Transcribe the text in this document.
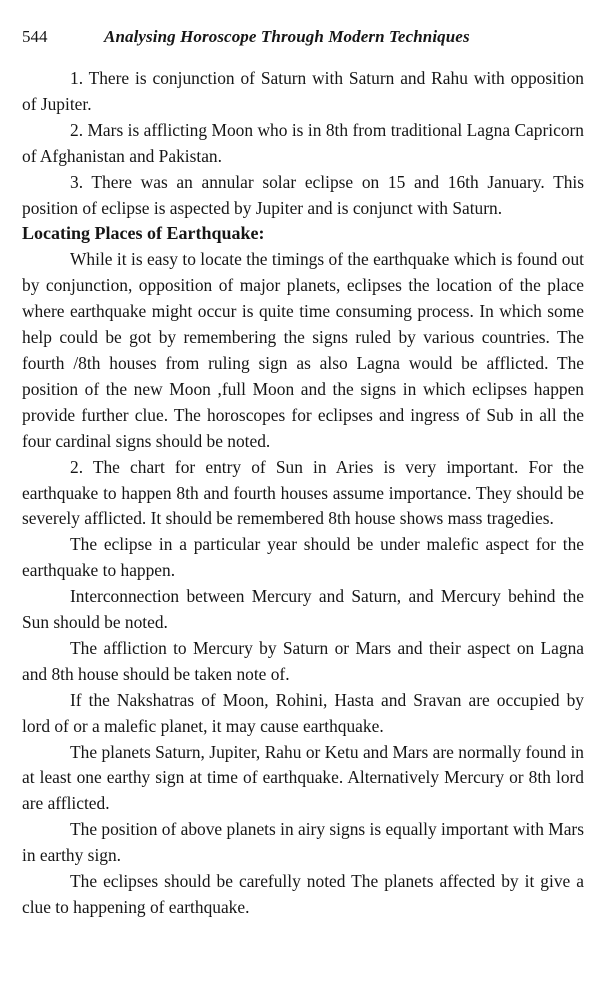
544	Analysing Horoscope Through Modern Techniques

1. There is conjunction of Saturn with Saturn and Rahu with opposition of Jupiter.

2. Mars is afflicting Moon who is in 8th from traditional Lagna Capricorn of Afghanistan and Pakistan.

3. There was an annular solar eclipse on 15 and 16th January. This position of eclipse is aspected by Jupiter and is conjunct with Saturn.

Locating Places of Earthquake:

While it is easy to locate the timings of the earthquake which is found out by conjunction, opposition of major planets, eclipses the location of the place where earthquake might occur is quite time consuming process. In which some help could be got by remembering the signs ruled by various countries. The fourth /8th houses from ruling sign as also Lagna would be afflicted. The position of the new Moon ,full Moon and the signs in which eclipses happen provide further clue. The horoscopes for eclipses and ingress of Sub in all the four cardinal signs should be noted.

2. The chart for entry of Sun in Aries is very important. For the earthquake to happen 8th and fourth houses assume importance. They should be severely afflicted. It should be remembered 8th house shows mass tragedies.

The eclipse in a particular year should be under malefic aspect for the earthquake to happen.

Interconnection between Mercury and Saturn, and Mercury behind the Sun should be noted.

The affliction to Mercury by Saturn or Mars and their aspect on Lagna and 8th house should be taken note of.

If the Nakshatras of Moon, Rohini, Hasta and Sravan are occupied by lord of or a malefic planet, it may cause earthquake.

The planets Saturn, Jupiter, Rahu or Ketu and Mars are normally found in at least one earthy sign at time of earthquake. Alternatively Mercury or 8th lord are afflicted.

The position of above planets in airy signs is equally important with Mars in earthy sign.

The eclipses should be carefully noted The planets affected by it give a clue to happening of earthquake.
